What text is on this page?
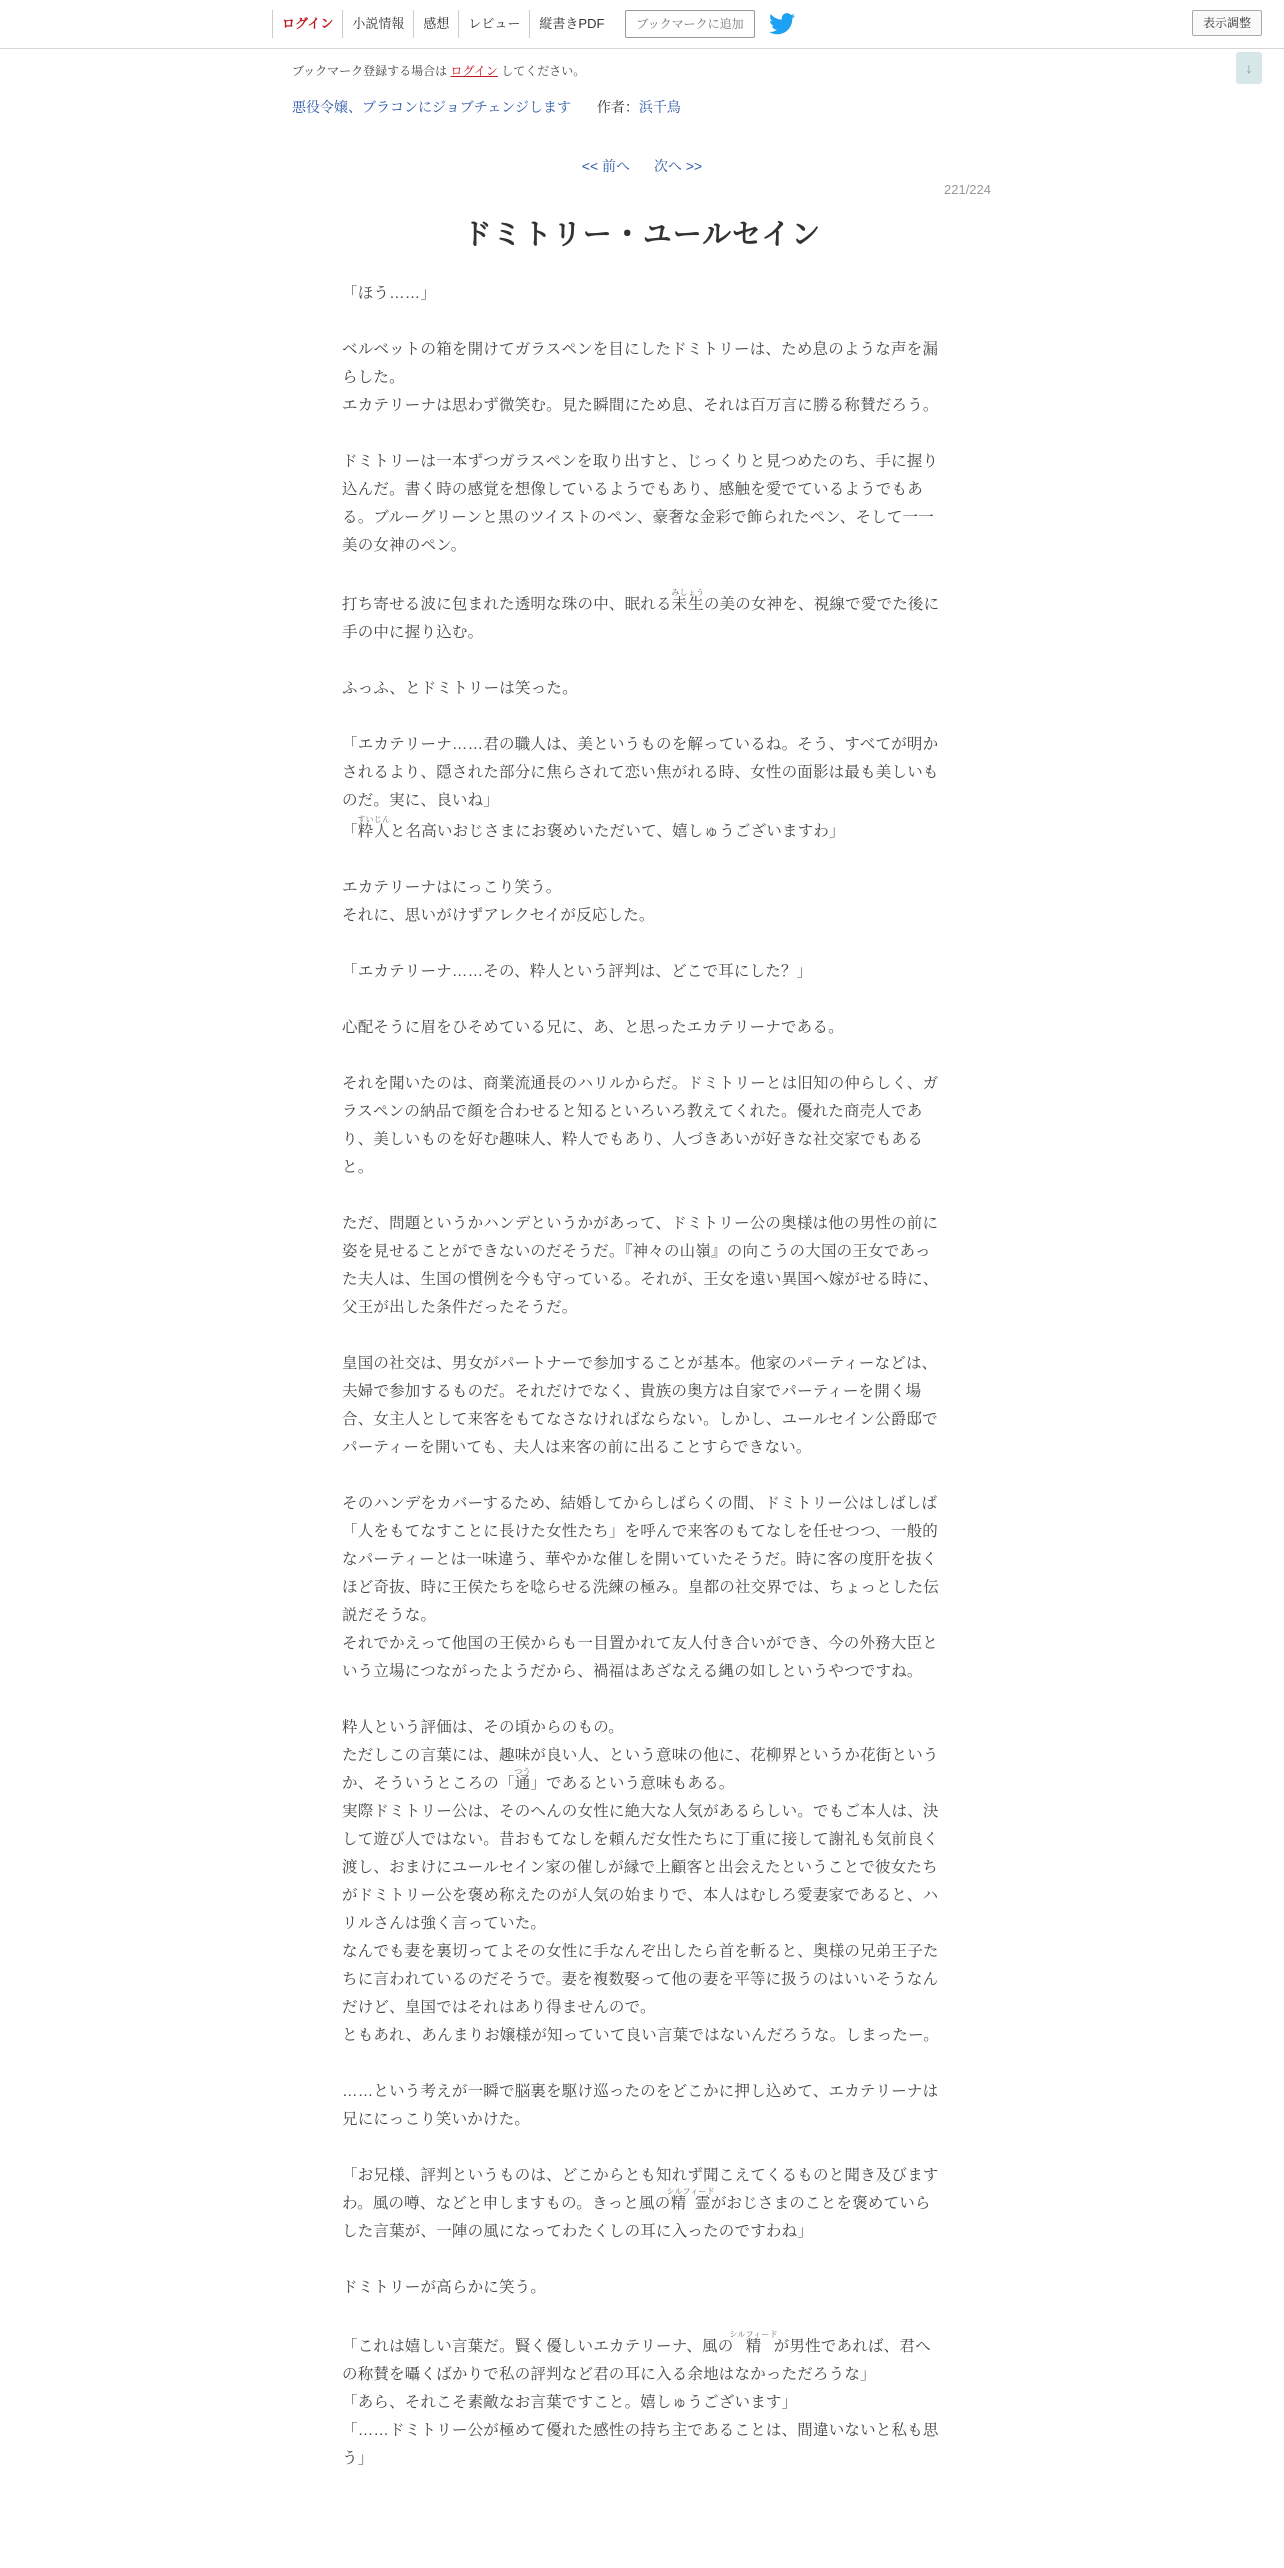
ログイン	小説情報	感想	レビュー	縦書きPDF	ブックマークに追加	表示調整
↓
ブックマーク登録する場合は ログイン してください。
悪役令嬢、ブラコンにジョブチェンジします 作者：浜千鳥
<< 前へ 次へ >>
221/224
ドミトリー・ユールセイン

「ほう……」

ベルベットの箱を開けてガラスペンを目にしたドミトリーは、ため息のような声を漏らした。

エカテリーナは思わず微笑む。見た瞬間にため息、それは百万言に勝る称賛だろう。

ドミトリーは一本ずつガラスペンを取り出すと、じっくりと見つめたのち、手に握り込んだ。書く時の感覚を想像しているようでもあり、感触を愛でているようでもある。ブルーグリーンと黒のツイストのペン、豪奢な金彩で飾られたペン、そして一一美の女神のペン。

打ち寄せる波に包まれた透明な珠の中、眠れる未生みしょうの美の女神を、視線で愛でた後に手の中に握り込む。

ふっふ、とドミトリーは笑った。

「エカテリーナ……君の職人は、美というものを解っているね。そう、すべてが明かされるより、隠された部分に焦らされて恋い焦がれる時、女性の面影は最も美しいものだ。実に、良いね」

「粋人すいじんと名高いおじさまにお褒めいただいて、嬉しゅうございますわ」

エカテリーナはにっこり笑う。

それに、思いがけずアレクセイが反応した。

「エカテリーナ……その、粋人という評判は、どこで耳にした？」

心配そうに眉をひそめている兄に、あ、と思ったエカテリーナである。

それを聞いたのは、商業流通長のハリルからだ。ドミトリーとは旧知の仲らしく、ガラスペンの納品で顔を合わせると知るといろいろ教えてくれた。優れた商売人であり、美しいものを好む趣味人、粋人でもあり、人づきあいが好きな社交家でもあると。

ただ、問題というかハンデというかがあって、ドミトリー公の奥様は他の男性の前に姿を見せることができないのだそうだ。『神々の山嶺』の向こうの大国の王女であった夫人は、生国の慣例を今も守っている。それが、王女を遠い異国へ嫁がせる時に、父王が出した条件だったそうだ。

皇国の社交は、男女がパートナーで参加することが基本。他家のパーティーなどは、夫婦で参加するものだ。それだけでなく、貴族の奥方は自家でパーティーを開く場合、女主人として来客をもてなさなければならない。しかし、ユールセイン公爵邸でパーティーを開いても、夫人は来客の前に出ることすらできない。

そのハンデをカバーするため、結婚してからしばらくの間、ドミトリー公はしばしば「人をもてなすことに長けた女性たち」を呼んで来客のもてなしを任せつつ、一般的なパーティーとは一味違う、華やかな催しを開いていたそうだ。時に客の度肝を抜くほど奇抜、時に王侯たちを唸らせる洗練の極み。皇都の社交界では、ちょっとした伝説だそうな。

それでかえって他国の王侯からも一目置かれて友人付き合いができ、今の外務大臣という立場につながったようだから、禍福はあざなえる縄の如しというやつですね。

粋人という評価は、その頃からのもの。

ただしこの言葉には、趣味が良い人、という意味の他に、花柳界というか花街というか、そういうところの「通つう」であるという意味もある。

実際ドミトリー公は、そのへんの女性に絶大な人気があるらしい。でもご本人は、決して遊び人ではない。昔おもてなしを頼んだ女性たちに丁重に接して謝礼も気前良く渡し、おまけにユールセイン家の催しが縁で上顧客と出会えたということで彼女たちがドミトリー公を褒め称えたのが人気の始まりで、本人はむしろ愛妻家であると、ハリルさんは強く言っていた。

なんでも妻を裏切ってよその女性に手なんぞ出したら首を斬ると、奥様の兄弟王子たちに言われているのだそうで。妻を複数娶って他の妻を平等に扱うのはいいそうなんだけど、皇国ではそれはあり得ませんので。

ともあれ、あんまりお嬢様が知っていて良い言葉ではないんだろうな。しまったー。

……という考えが一瞬で脳裏を駆け巡ったのをどこかに押し込めて、エカテリーナは兄ににっこり笑いかけた。

「お兄様、評判というものは、どこからとも知れず聞こえてくるものと聞き及びますわ。風の噂、などと申しますもの。きっと風の精霊シルフィードがおじさまのことを褒めていらした言葉が、一陣の風になってわたくしの耳に入ったのですわね」

ドミトリーが高らかに笑う。

「これは嬉しい言葉だ。賢く優しいエカテリーナ、風の精シルフィードが男性であれば、君への称賛を囁くばかりで私の評判など君の耳に入る余地はなかっただろうな」

「あら、それこそ素敵なお言葉ですこと。嬉しゅうございます」

「……ドミトリー公が極めて優れた感性の持ち主であることは、間違いないと私も思う」
